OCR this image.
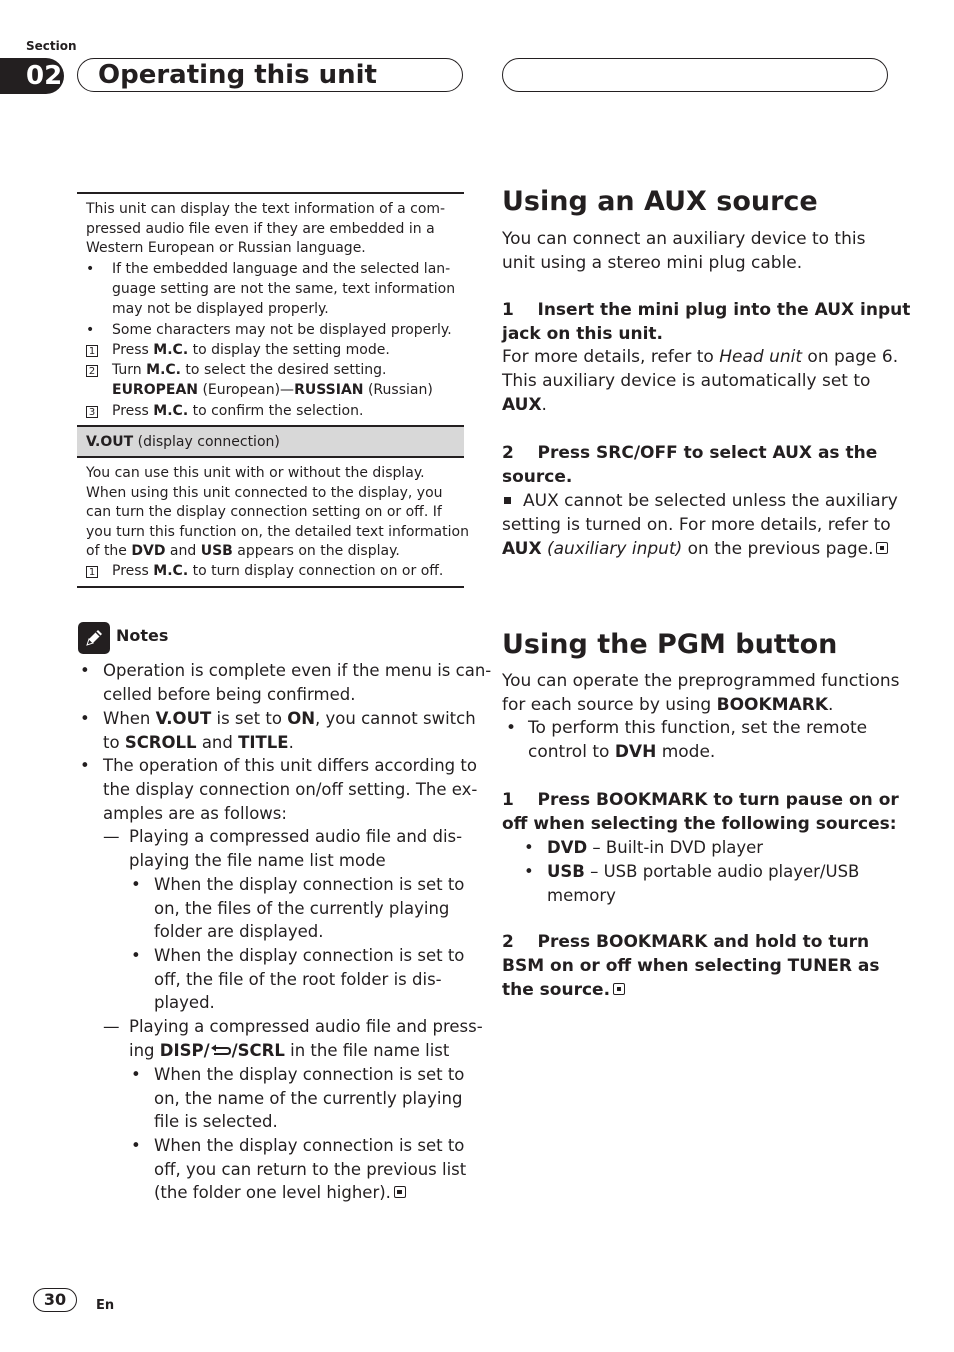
Section
02 Operating this unit
This unit can display the text information of a com-
pressed audio file even if they are embedded in a
Western European or Russian language.
• If the embedded language and the selected lan-
guage setting are not the same, text information
may not be displayed properly.
• Some characters may not be displayed properly.
1 Press M.C. to display the setting mode.
2 Turn M.C. to select the desired setting.
EUROPEAN (European)—RUSSIAN (Russian)
3 Press M.C. to confirm the selection.
V.OUT (display connection)
You can use this unit with or without the display.
When using this unit connected to the display, you
can turn the display connection setting on or off. If
you turn this function on, the detailed text information
of the DVD and USB appears on the display.
1 Press M.C. to turn display connection on or off.
Notes
• Operation is complete even if the menu is can-
celled before being confirmed.
• When V.OUT is set to ON, you cannot switch
to SCROLL and TITLE.
• The operation of this unit differs according to
the display connection on/off setting. The ex-
amples are as follows:
— Playing a compressed audio file and dis-
playing the file name list mode
• When the display connection is set to
on, the files of the currently playing
folder are displayed.
• When the display connection is set to
off, the file of the root folder is dis-
played.
— Playing a compressed audio file and press-
ing DISP/ /SCRL in the file name list
• When the display connection is set to
on, the name of the currently playing
file is selected.
• When the display connection is set to
off, you can return to the previous list
(the folder one level higher).
Using an AUX source
You can connect an auxiliary device to this
unit using a stereo mini plug cable.
1    Insert the mini plug into the AUX input
jack on this unit.
For more details, refer to Head unit on page 6.
This auxiliary device is automatically set to
AUX.
2    Press SRC/OFF to select AUX as the
source.
AUX cannot be selected unless the auxiliary
setting is turned on. For more details, refer to
AUX (auxiliary input) on the previous page.
Using the PGM button
You can operate the preprogrammed functions
for each source by using BOOKMARK.
• To perform this function, set the remote
control to DVH mode.
1    Press BOOKMARK to turn pause on or
off when selecting the following sources:
• DVD – Built-in DVD player
• USB – USB portable audio player/USB
memory
2    Press BOOKMARK and hold to turn
BSM on or off when selecting TUNER as
the source.
30	En
